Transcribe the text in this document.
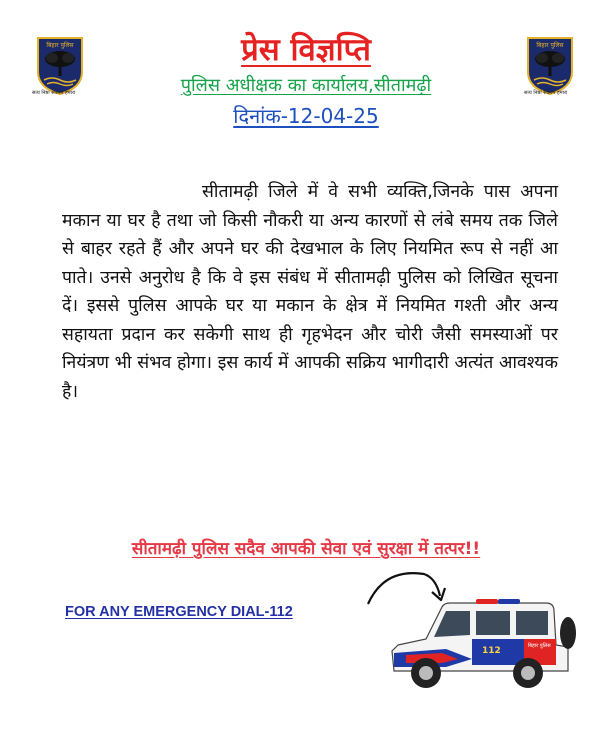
बिहार पुलिस
सत्य निष्ठा संकल्प हमारा
बिहार पुलिस
सत्य निष्ठा संकल्प हमारा
प्रेस विज्ञप्ति
पुलिस अधीक्षक का कार्यालय,सीतामढ़ी
दिनांक-12-04-25
सीतामढ़ी जिले में वे सभी व्यक्ति,जिनके पास अपना मकान या घर है तथा जो किसी नौकरी या अन्य कारणों से लंबे समय तक जिले से बाहर रहते हैं और अपने घर की देखभाल के लिए नियमित रूप से नहीं आ पाते। उनसे अनुरोध है कि वे इस संबंध में सीतामढ़ी पुलिस को लिखित सूचना दें। इससे पुलिस आपके घर या मकान के क्षेत्र में नियमित गश्ती और अन्य सहायता प्रदान कर सकेगी साथ ही गृहभेदन और चोरी जैसी समस्याओं पर नियंत्रण भी संभव होगा। इस कार्य में आपकी सक्रिय भागीदारी अत्यंत आवश्यक है।
सीतामढ़ी पुलिस सदैव आपकी सेवा एवं सुरक्षा में तत्पर!!
FOR ANY EMERGENCY DIAL-112
112	बिहार पुलिस
